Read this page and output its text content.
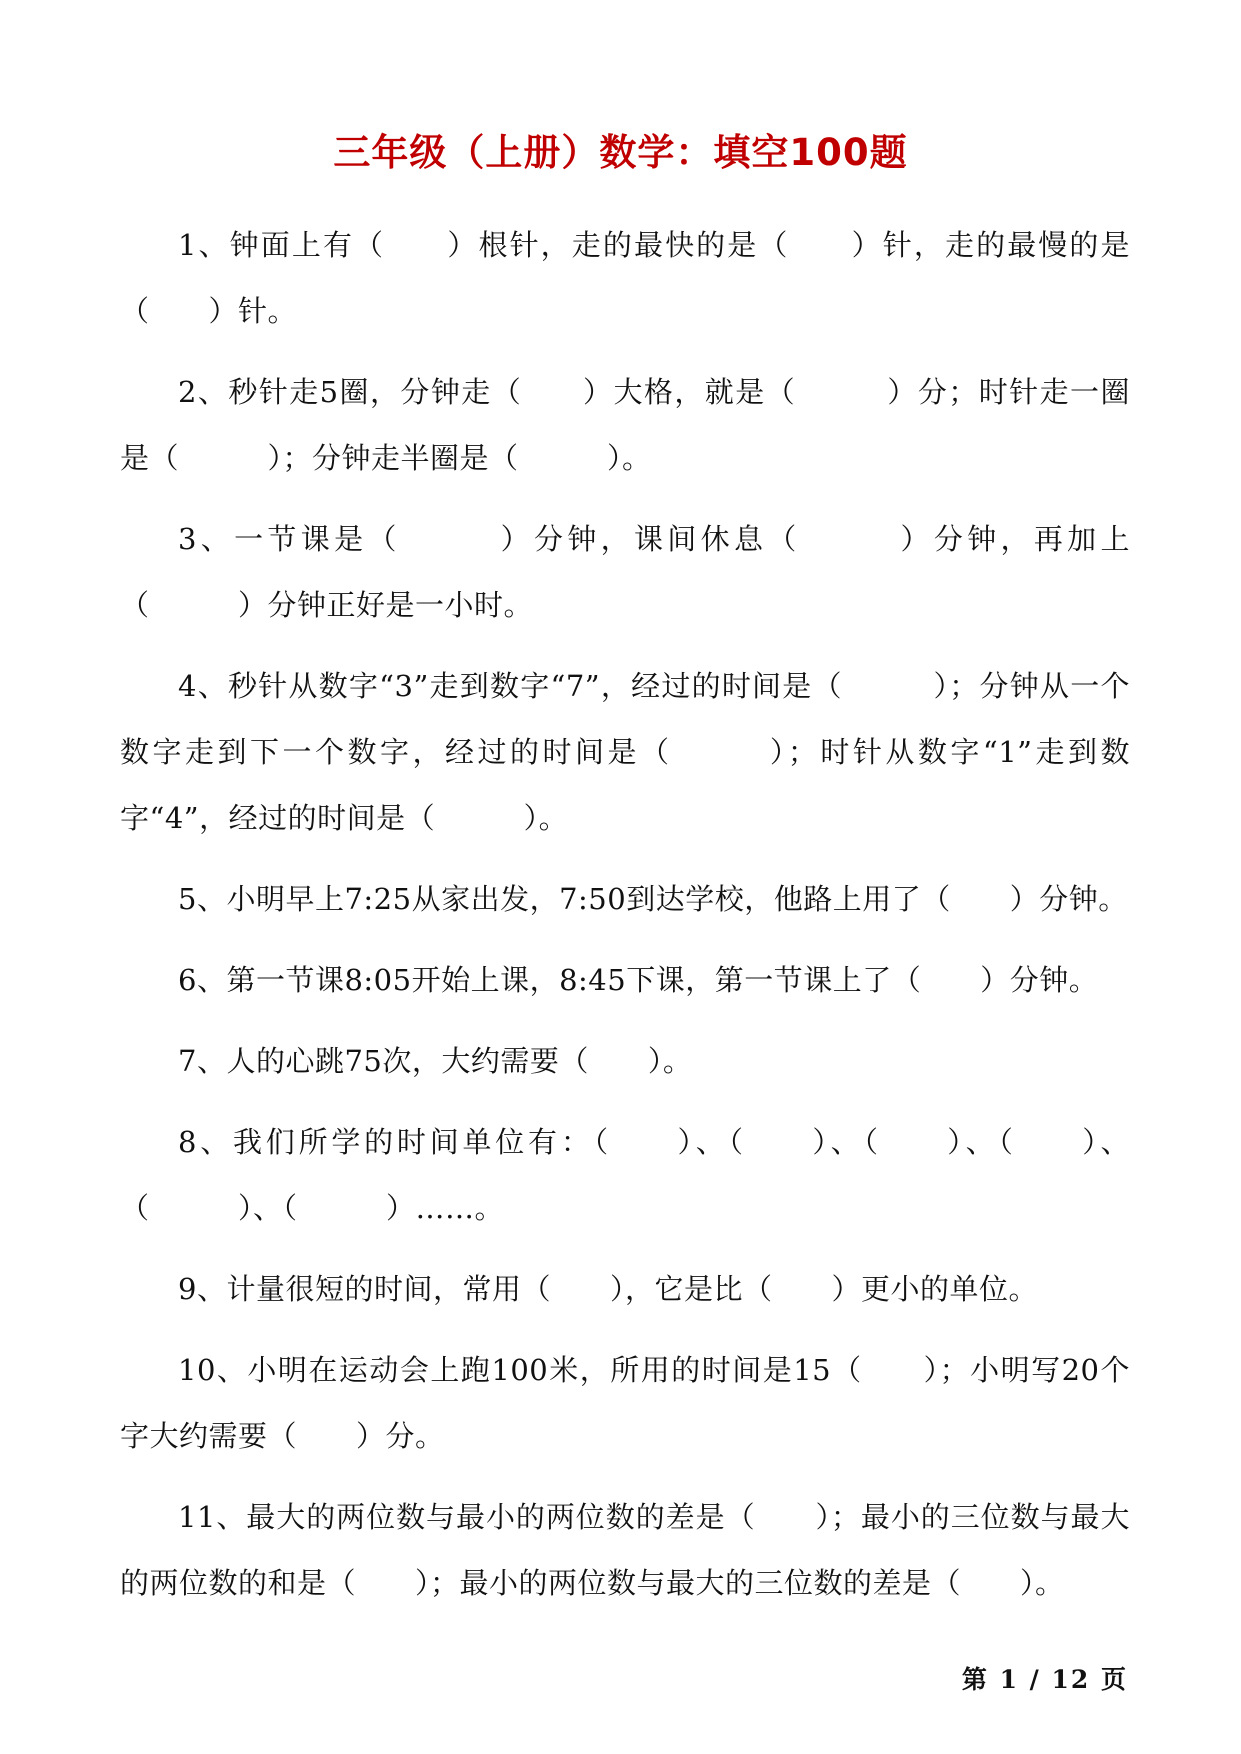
三年级（上册）数学：填空100题

1、钟面上有（　　）根针，走的最快的是（　　）针，走的最慢的是（　　）针。

2、秒针走5圈，分钟走（　　）大格，就是（　　　）分；时针走一圈是（　　　）；分钟走半圈是（　　　）。

3、一节课是（　　　）分钟，课间休息（　　　）分钟，再加上（　　　）分钟正好是一小时。

4、秒针从数字“3”走到数字“7”，经过的时间是（　　　）；分钟从一个数字走到下一个数字，经过的时间是（　　　）；时针从数字“1”走到数字“4”，经过的时间是（　　　）。

5、小明早上7:25从家出发，7:50到达学校，他路上用了（　　）分钟。

6、第一节课8:05开始上课，8:45下课，第一节课上了（　　）分钟。

7、人的心跳75次，大约需要（　　）。

8、我们所学的时间单位有：（　　）、（　　）、（　　）、（　　）、（　　　）、（　　　）……。

9、计量很短的时间，常用（　　），它是比（　　）更小的单位。

10、小明在运动会上跑100米，所用的时间是15（　　）；小明写20个字大约需要（　　）分。

11、最大的两位数与最小的两位数的差是（　　）；最小的三位数与最大的两位数的和是（　　）；最小的两位数与最大的三位数的差是（　　）。

第 1 / 12 页
